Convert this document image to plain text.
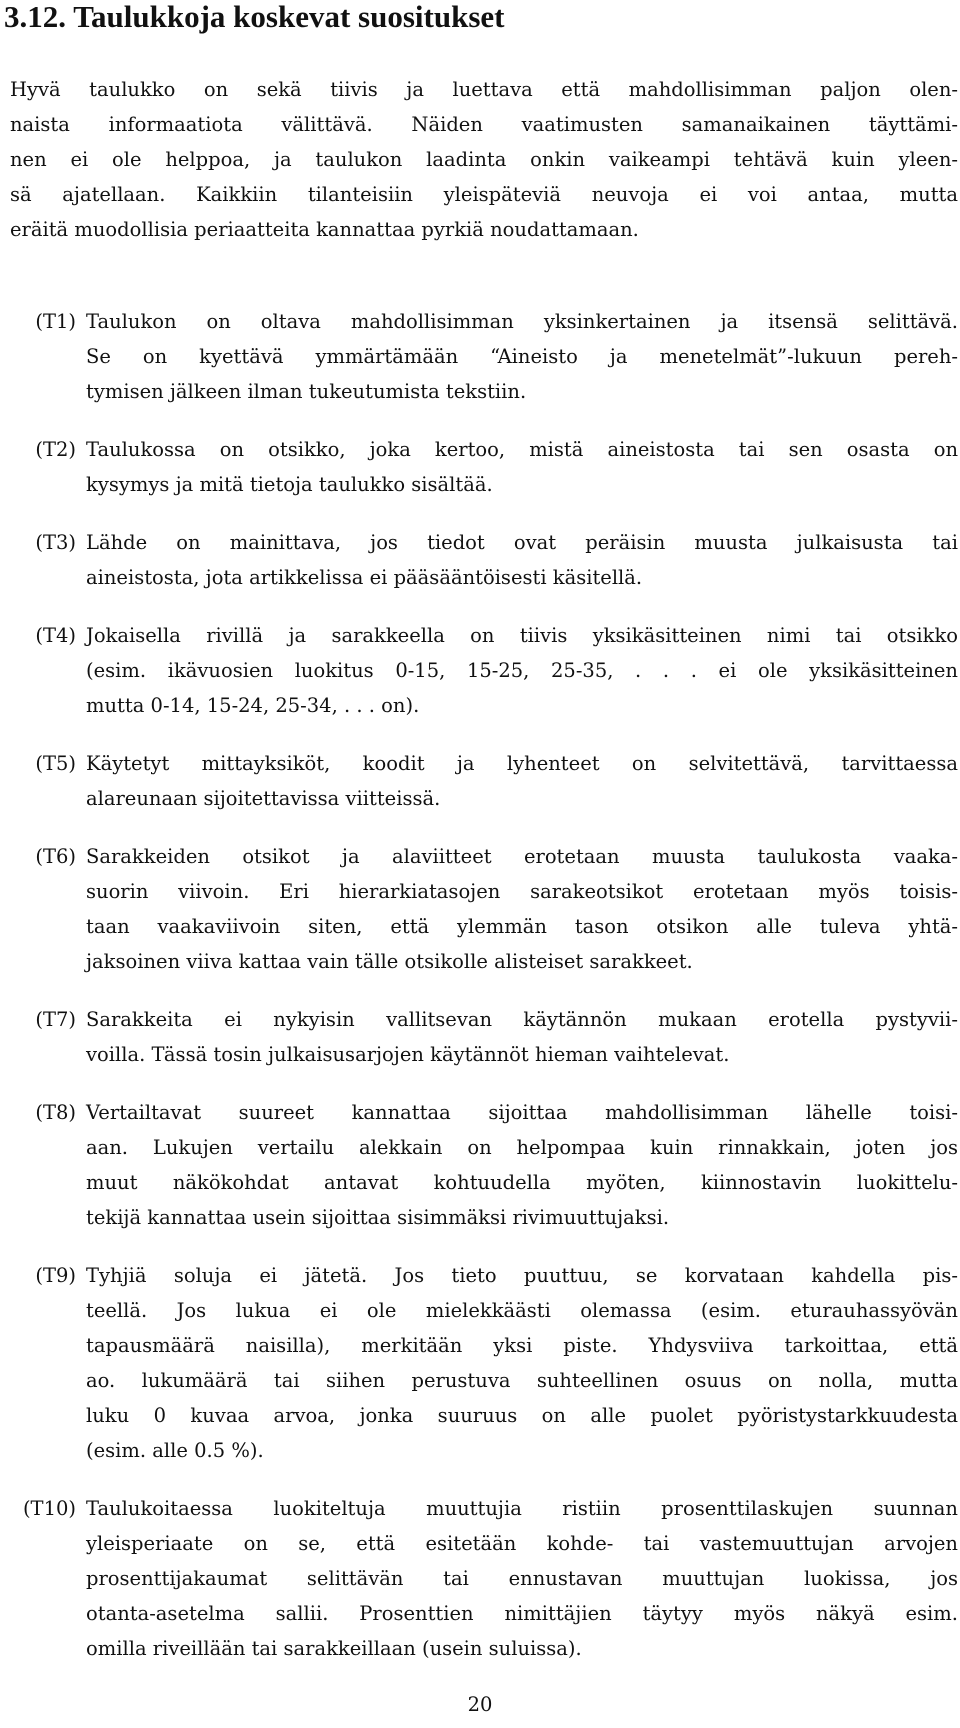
3.12. Taulukkoja koskevat suositukset

Hyvä taulukko on sekä tiivis ja luettava että mahdollisimman paljon olen-
naista informaatiota välittävä. Näiden vaatimusten samanaikainen täyttämi-
nen ei ole helppoa, ja taulukon laadinta onkin vaikeampi tehtävä kuin yleen-
sä ajatellaan. Kaikkiin tilanteisiin yleispäteviä neuvoja ei voi antaa, mutta
eräitä muodollisia periaatteita kannattaa pyrkiä noudattamaan.

(T1) Taulukon on oltava mahdollisimman yksinkertainen ja itsensä selittävä.
Se on kyettävä ymmärtämään “Aineisto ja menetelmät”-lukuun pereh-
tymisen jälkeen ilman tukeutumista tekstiin.
(T2) Taulukossa on otsikko, joka kertoo, mistä aineistosta tai sen osasta on
kysymys ja mitä tietoja taulukko sisältää.
(T3) Lähde on mainittava, jos tiedot ovat peräisin muusta julkaisusta tai
aineistosta, jota artikkelissa ei pääsääntöisesti käsitellä.
(T4) Jokaisella rivillä ja sarakkeella on tiivis yksikäsitteinen nimi tai otsikko
(esim. ikävuosien luokitus 0-15, 15-25, 25-35, . . . ei ole yksikäsitteinen
mutta 0-14, 15-24, 25-34, . . . on).
(T5) Käytetyt mittayksiköt, koodit ja lyhenteet on selvitettävä, tarvittaessa
alareunaan sijoitettavissa viitteissä.
(T6) Sarakkeiden otsikot ja alaviitteet erotetaan muusta taulukosta vaaka-
suorin viivoin. Eri hierarkiatasojen sarakeotsikot erotetaan myös toisis-
taan vaakaviivoin siten, että ylemmän tason otsikon alle tuleva yhtä-
jaksoinen viiva kattaa vain tälle otsikolle alisteiset sarakkeet.
(T7) Sarakkeita ei nykyisin vallitsevan käytännön mukaan erotella pystyvii-
voilla. Tässä tosin julkaisusarjojen käytännöt hieman vaihtelevat.
(T8) Vertailtavat suureet kannattaa sijoittaa mahdollisimman lähelle toisi-
aan. Lukujen vertailu alekkain on helpompaa kuin rinnakkain, joten jos
muut näkökohdat antavat kohtuudella myöten, kiinnostavin luokittelu-
tekijä kannattaa usein sijoittaa sisimmäksi rivimuuttujaksi.
(T9) Tyhjiä soluja ei jätetä. Jos tieto puuttuu, se korvataan kahdella pis-
teellä. Jos lukua ei ole mielekkäästi olemassa (esim. eturauhassyövän
tapausmäärä naisilla), merkitään yksi piste. Yhdysviiva tarkoittaa, että
ao. lukumäärä tai siihen perustuva suhteellinen osuus on nolla, mutta
luku 0 kuvaa arvoa, jonka suuruus on alle puolet pyöristystarkkuudesta
(esim. alle 0.5 %).
(T10) Taulukoitaessa luokiteltuja muuttujia ristiin prosenttilaskujen suunnan
yleisperiaate on se, että esitetään kohde- tai vastemuuttujan arvojen
prosenttijakaumat selittävän tai ennustavan muuttujan luokissa, jos
otanta-asetelma sallii. Prosenttien nimittäjien täytyy myös näkyä esim.
omilla riveillään tai sarakkeillaan (usein suluissa).
20
